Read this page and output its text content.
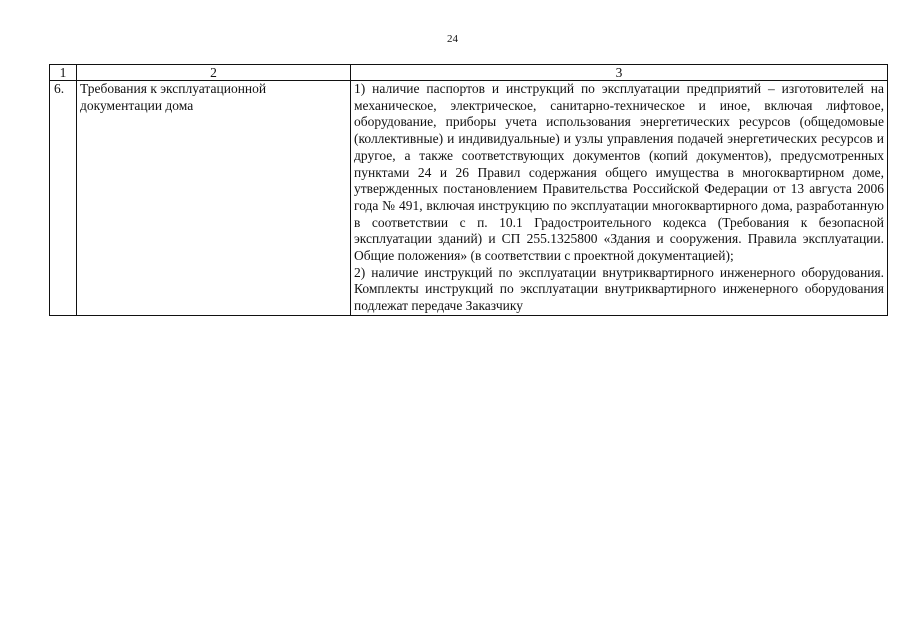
24
1	2	3
6.	Требования к эксплуатационной документации дома	1) наличие паспортов и инструкций по эксплуатации предприятий – изготовителей на механическое, электрическое, санитарно-техническое и иное, включая лифтовое, оборудование, приборы учета использования энергетических ресурсов (общедомовые (коллективные) и индивидуальные) и узлы управления подачей энергетических ресурсов и другое, а также соответствующих документов (копий документов), предусмотренных пунктами 24 и 26 Правил содержания общего имущества в многоквартирном доме, утвержденных постановлением Правительства Российской Федерации от 13 августа 2006 года № 491, включая инструкцию по эксплуатации многоквартирного дома, разработанную в соответствии с п. 10.1 Градостроительного кодекса (Требования к безопасной эксплуатации зданий) и СП 255.1325800 «Здания и сооружения. Правила эксплуатации. Общие положения» (в соответствии с проектной документацией);
2) наличие инструкций по эксплуатации внутриквартирного инженерного оборудования. Комплекты инструкций по эксплуатации внутриквартирного инженерного оборудования подлежат передаче Заказчику
